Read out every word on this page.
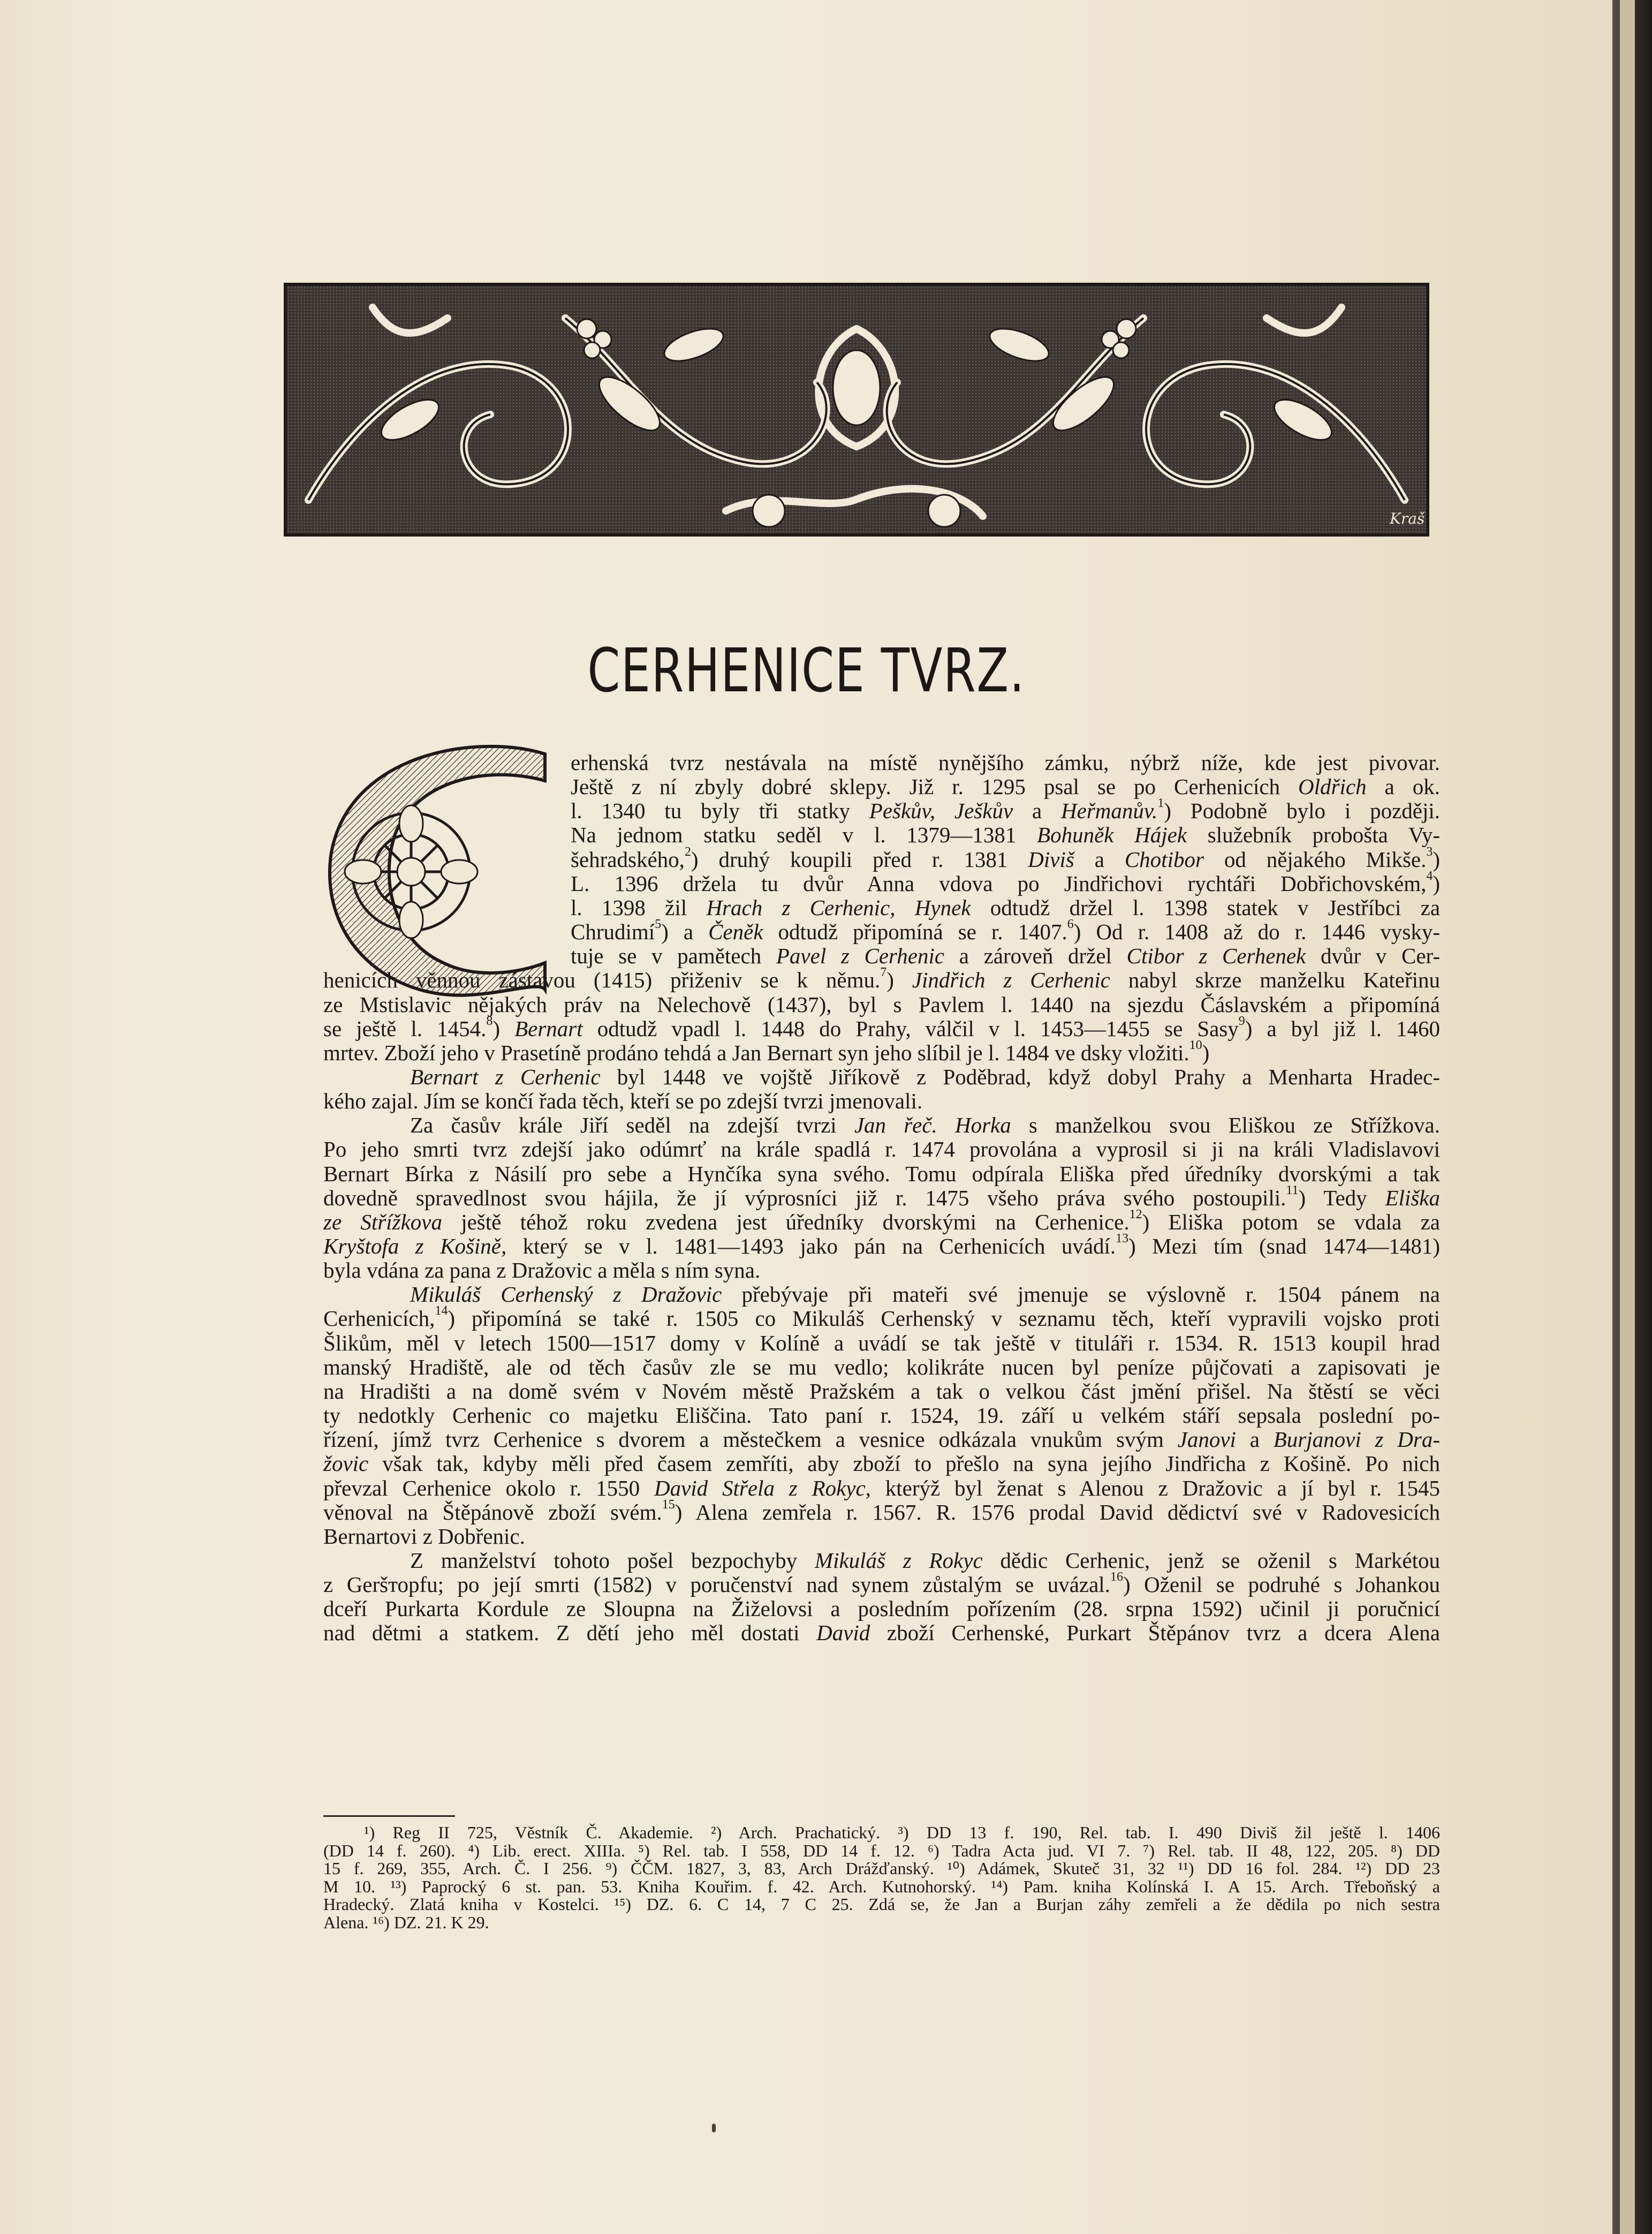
Kraš
CERHENICE TVRZ.
C
erhenská tvrz nestávala na místě nynějšího zámku, nýbrž níže, kde jest pivovar.
Ještě z ní zbyly dobré sklepy. Již r. 1295 psal se po Cerhenicích Oldřich a ok.
l. 1340 tu byly tři statky Peškův, Ješkův a Heřmanův.$^1$) Podobně bylo i později.
Na jednom statku seděl v l. 1379—1381 Bohuněk Hájek služebník probošta Vy-
šehradského,$^2$) druhý koupili před r. 1381 Diviš a Chotibor od nějakého Mikše.$^3$)
L. 1396 držela tu dvůr Anna vdova po Jindřichovi rychtáři Dobřichovském,$^4$)
l. 1398 žil Hrach z Cerhenic, Hynek odtudž držel l. 1398 statek v Jestříbci za
Chrudimí$^5$) a Čeněk odtudž připomíná se r. 1407.$^6$) Od r. 1408 až do r. 1446 vysky-
tuje se v pamětech Pavel z Cerhenic a zároveň držel Ctibor z Cerhenek dvůr v Cer-
henicích věnnou zástavou (1415) přiženiv se k němu.$^7$) Jindřich z Cerhenic nabyl skrze manželku Kateřinu
ze Mstislavic nějakých práv na Nelechově (1437), byl s Pavlem l. 1440 na sjezdu Čáslavském a připomíná
se ještě l. 1454.$^8$) Bernart odtudž vpadl l. 1448 do Prahy, válčil v l. 1453—1455 se Sasy$^9$) a byl již l. 1460
mrtev. Zboží jeho v Prasetíně prodáno tehdá a Jan Bernart syn jeho slíbil je l. 1484 ve dsky vložiti.$^{10}$)
Bernart z Cerhenic byl 1448 ve vojště Jiříkově z Poděbrad, když dobyl Prahy a Menharta Hradec-
kého zajal. Jím se končí řada těch, kteří se po zdejší tvrzi jmenovali.
Za časův krále Jiří seděl na zdejší tvrzi Jan řeč. Horka s manželkou svou Eliškou ze Střížkova.
Po jeho smrti tvrz zdejší jako odúmrť na krále spadlá r. 1474 provolána a vyprosil si ji na králi Vladislavovi
Bernart Bírka z Násilí pro sebe a Hynčíka syna svého. Tomu odpírala Eliška před úředníky dvorskými a tak
dovedně spravedlnost svou hájila, že jí výprosníci již r. 1475 všeho práva svého postoupili.$^{11}$) Tedy Eliška
ze Střížkova ještě téhož roku zvedena jest úředníky dvorskými na Cerhenice.$^{12}$) Eliška potom se vdala za
Kryštofa z Košině, který se v l. 1481—1493 jako pán na Cerhenicích uvádí.$^{13}$) Mezi tím (snad 1474—1481)
byla vdána za pana z Dražovic a měla s ním syna.
Mikuláš Cerhenský z Dražovic přebývaje při mateři své jmenuje se výslovně r. 1504 pánem na
Cerhenicích,$^{14}$) připomíná se také r. 1505 co Mikuláš Cerhenský v seznamu těch, kteří vypravili vojsko proti
Šlikům, měl v letech 1500—1517 domy v Kolíně a uvádí se tak ještě v tituláři r. 1534. R. 1513 koupil hrad
manský Hradiště, ale od těch časův zle se mu vedlo; kolikráte nucen byl peníze půjčovati a zapisovati je
na Hradišti a na domě svém v Novém městě Pražském a tak o velkou část jmění přišel. Na štěstí se věci
ty nedotkly Cerhenic co majetku Eliščina. Tato paní r. 1524, 19. září u velkém stáří sepsala poslední po-
řízení, jímž tvrz Cerhenice s dvorem a městečkem a vesnice odkázala vnukům svým Janovi a Burjanovi z Dra-
žovic však tak, kdyby měli před časem zemříti, aby zboží to přešlo na syna jejího Jindřicha z Košině. Po nich
převzal Cerhenice okolo r. 1550 David Střela z Rokyc, kterýž byl ženat s Alenou z Dražovic a jí byl r. 1545
věnoval na Štěpánově zboží svém.$^{15}$) Alena zemřela r. 1567. R. 1576 prodal David dědictví své v Radovesicích
Bernartovi z Dobřenic.
Z manželství tohoto pošel bezpochyby Mikuláš z Rokyc dědic Cerhenic, jenž se oženil s Markétou
z Geršторfu; po její smrti (1582) v poručenství nad synem zůstalým se uvázal.$^{16}$) Oženil se podruhé s Johankou
dceří Purkarta Kordule ze Sloupna na Žiželovsi a posledním pořízením (28. srpna 1592) učinil ji poručnicí
nad dětmi a statkem. Z dětí jeho měl dostati David zboží Cerhenské, Purkart Štěpánov tvrz a dcera Alena
¹) Reg II 725, Věstník Č. Akademie. ²) Arch. Prachatický. ³) DD 13 f. 190, Rel. tab. I. 490 Diviš žil ještě l. 1406
(DD 14 f. 260). ⁴) Lib. erect. XIIIa. ⁵) Rel. tab. I 558, DD 14 f. 12. ⁶) Tadra Acta jud. VI 7. ⁷) Rel. tab. II 48, 122, 205. ⁸) DD
15 f. 269, 355, Arch. Č. I 256. ⁹) ČČM. 1827, 3, 83, Arch Drážďanský. ¹⁰) Adámek, Skuteč 31, 32 ¹¹) DD 16 fol. 284. ¹²) DD 23
M 10. ¹³) Paprocký 6 st. pan. 53. Kniha Kouřim. f. 42. Arch. Kutnohorský. ¹⁴) Pam. kniha Kolínská I. A 15. Arch. Třeboňský a
Hradecký. Zlatá kniha v Kostelci. ¹⁵) DZ. 6. C 14, 7 C 25. Zdá se, že Jan a Burjan záhy zemřeli a že dědila po nich sestra
Alena. ¹⁶) DZ. 21. K 29.
